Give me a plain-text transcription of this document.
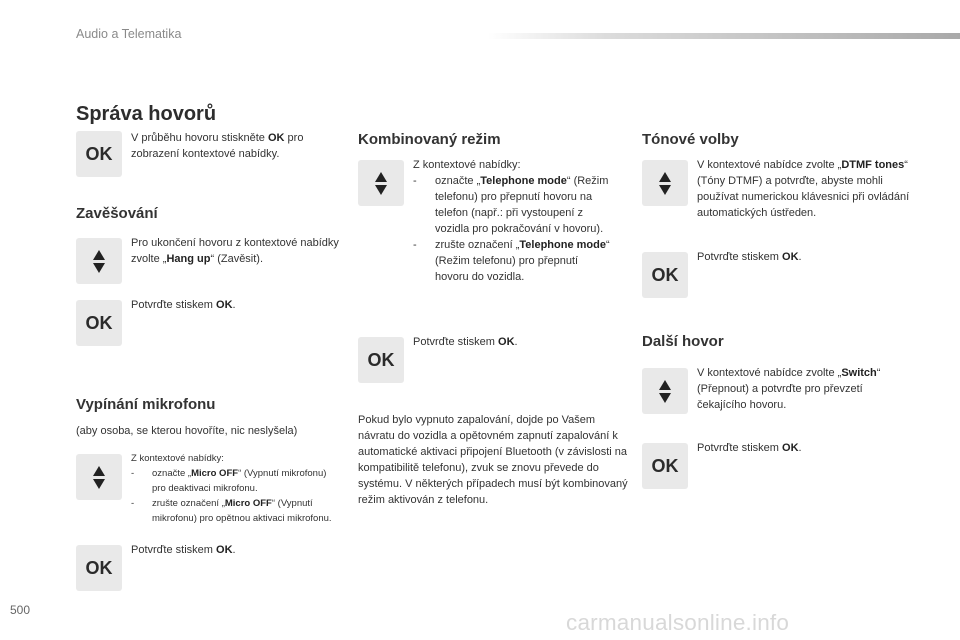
Audio a Telematika
500	carmanualsonline.info
Správa hovorů
OK
V průběhu hovoru stiskněte OK pro zobrazení kontextové nabídky.
Zavěšování
Pro ukončení hovoru z kontextové nabídky zvolte „Hang up“ (Zavěsit).
OK
Potvrďte stiskem OK.
Vypínání mikrofonu
(aby osoba, se kterou hovoříte, nic neslyšela)
Z kontextové nabídky:
- označte „Micro OFF“ (Vypnutí mikrofonu) pro deaktivaci mikrofonu.
- zrušte označení „Micro OFF“ (Vypnutí mikrofonu) pro opětnou aktivaci mikrofonu.
OK
Potvrďte stiskem OK.
Kombinovaný režim
Z kontextové nabídky:
- označte „Telephone mode“ (Režim telefonu) pro přepnutí hovoru na telefon (např.: při vystoupení z vozidla pro pokračování v hovoru).
- zrušte označení „Telephone mode“ (Režim telefonu) pro přepnutí hovoru do vozidla.
OK
Potvrďte stiskem OK.
Pokud bylo vypnuto zapalování, dojde po Vašem návratu do vozidla a opětovném zapnutí zapalování k automatické aktivaci připojení Bluetooth (v závislosti na kompatibilitě telefonu), zvuk se znovu převede do systému. V některých případech musí být kombinovaný režim aktivován z telefonu.
Tónové volby
V kontextové nabídce zvolte „DTMF tones“ (Tóny DTMF) a potvrďte, abyste mohli používat numerickou klávesnici při ovládání automatických ústředen.
OK
Potvrďte stiskem OK.
Další hovor
V kontextové nabídce zvolte „Switch“ (Přepnout) a potvrďte pro převzetí čekajícího hovoru.
OK
Potvrďte stiskem OK.
